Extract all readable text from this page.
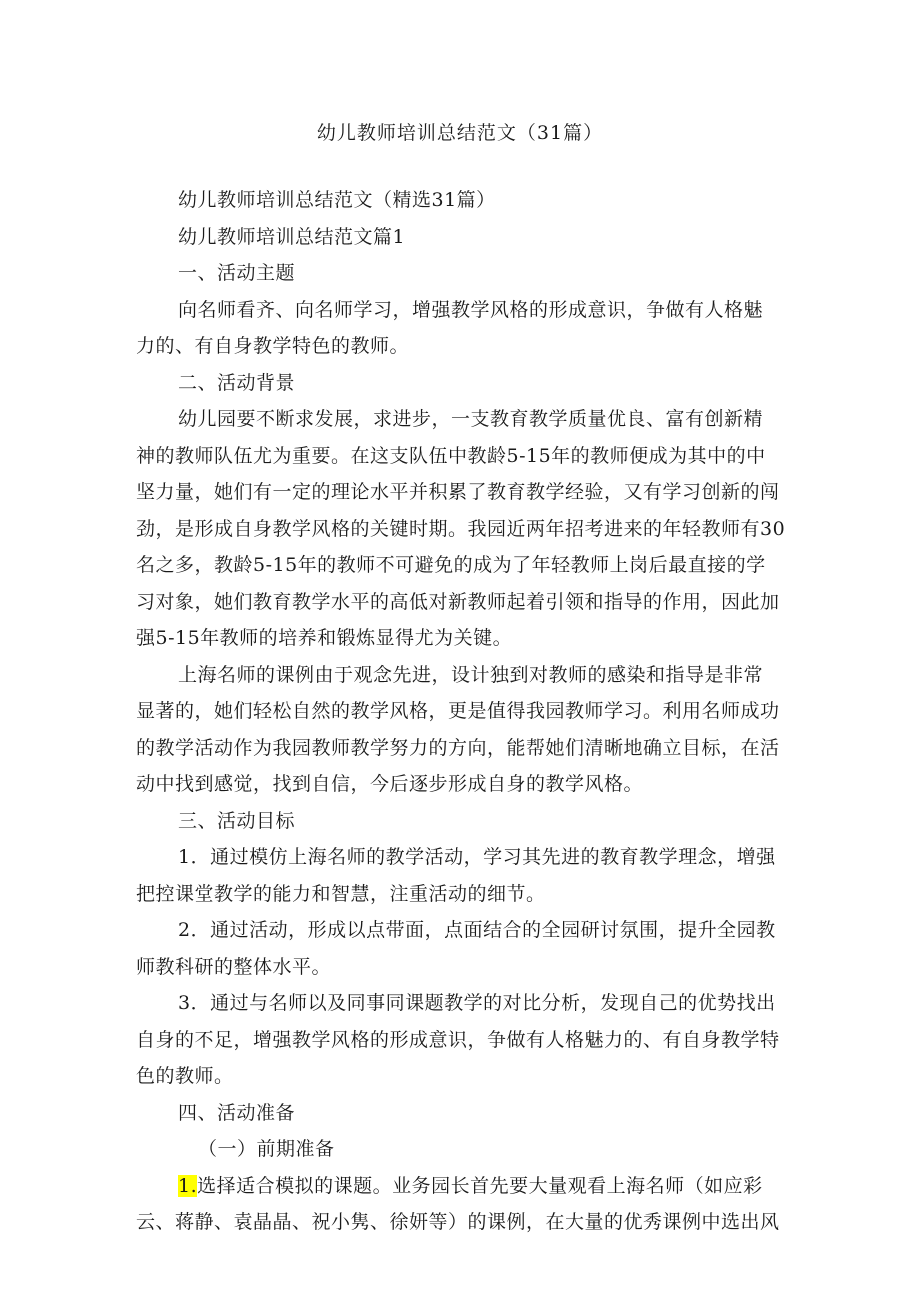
幼儿教师培训总结范文（31篇）
幼儿教师培训总结范文（精选31篇）
幼儿教师培训总结范文篇1
一、活动主题
向名师看齐、向名师学习，增强教学风格的形成意识，争做有人格魅
力的、有自身教学特色的教师。
二、活动背景
幼儿园要不断求发展，求进步，一支教育教学质量优良、富有创新精
神的教师队伍尤为重要。在这支队伍中教龄5-15年的教师便成为其中的中
坚力量，她们有一定的理论水平并积累了教育教学经验，又有学习创新的闯
劲，是形成自身教学风格的关键时期。我园近两年招考进来的年轻教师有30
名之多，教龄5-15年的教师不可避免的成为了年轻教师上岗后最直接的学
习对象，她们教育教学水平的高低对新教师起着引领和指导的作用，因此加
强5-15年教师的培养和锻炼显得尤为关键。
上海名师的课例由于观念先进，设计独到对教师的感染和指导是非常
显著的，她们轻松自然的教学风格，更是值得我园教师学习。利用名师成功
的教学活动作为我园教师教学努力的方向，能帮她们清晰地确立目标，在活
动中找到感觉，找到自信，今后逐步形成自身的教学风格。
三、活动目标
1．通过模仿上海名师的教学活动，学习其先进的教育教学理念，增强
把控课堂教学的能力和智慧，注重活动的细节。
2．通过活动，形成以点带面，点面结合的全园研讨氛围，提升全园教
师教科研的整体水平。
3．通过与名师以及同事同课题教学的对比分析，发现自己的优势找出
自身的不足，增强教学风格的形成意识，争做有人格魅力的、有自身教学特
色的教师。
四、活动准备
（一）前期准备
1.选择适合模拟的课题。业务园长首先要大量观看上海名师（如应彩
云、蒋静、袁晶晶、祝小隽、徐妍等）的课例，在大量的优秀课例中选出风
